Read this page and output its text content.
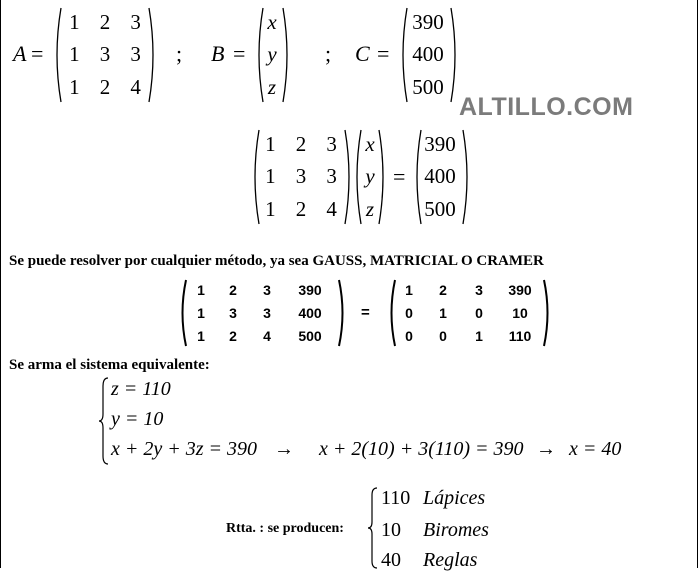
A =
1 2 3
1 3 3
1 2 4
; B =
x
y
z
; C =
390
400
500
ALTILLO.COM
1 2 3
1 3 3
1 2 4
x
y
z
=
390
400
500
Se puede resolver por cualquier método, ya sea GAUSS, MATRICIAL O CRAMER
1 2 3 390
1 3 3 400
1 2 4 500
=
1 2 3 390
0 1 0 10
0 0 1 110
Se arma el sistema equivalente:
z = 110
y = 10
x + 2y + 3z = 390 → x + 2(10) + 3(110) = 390 → x = 40
Rtta. : se producen:
110 Lápices
10 Biromes
40 Reglas
